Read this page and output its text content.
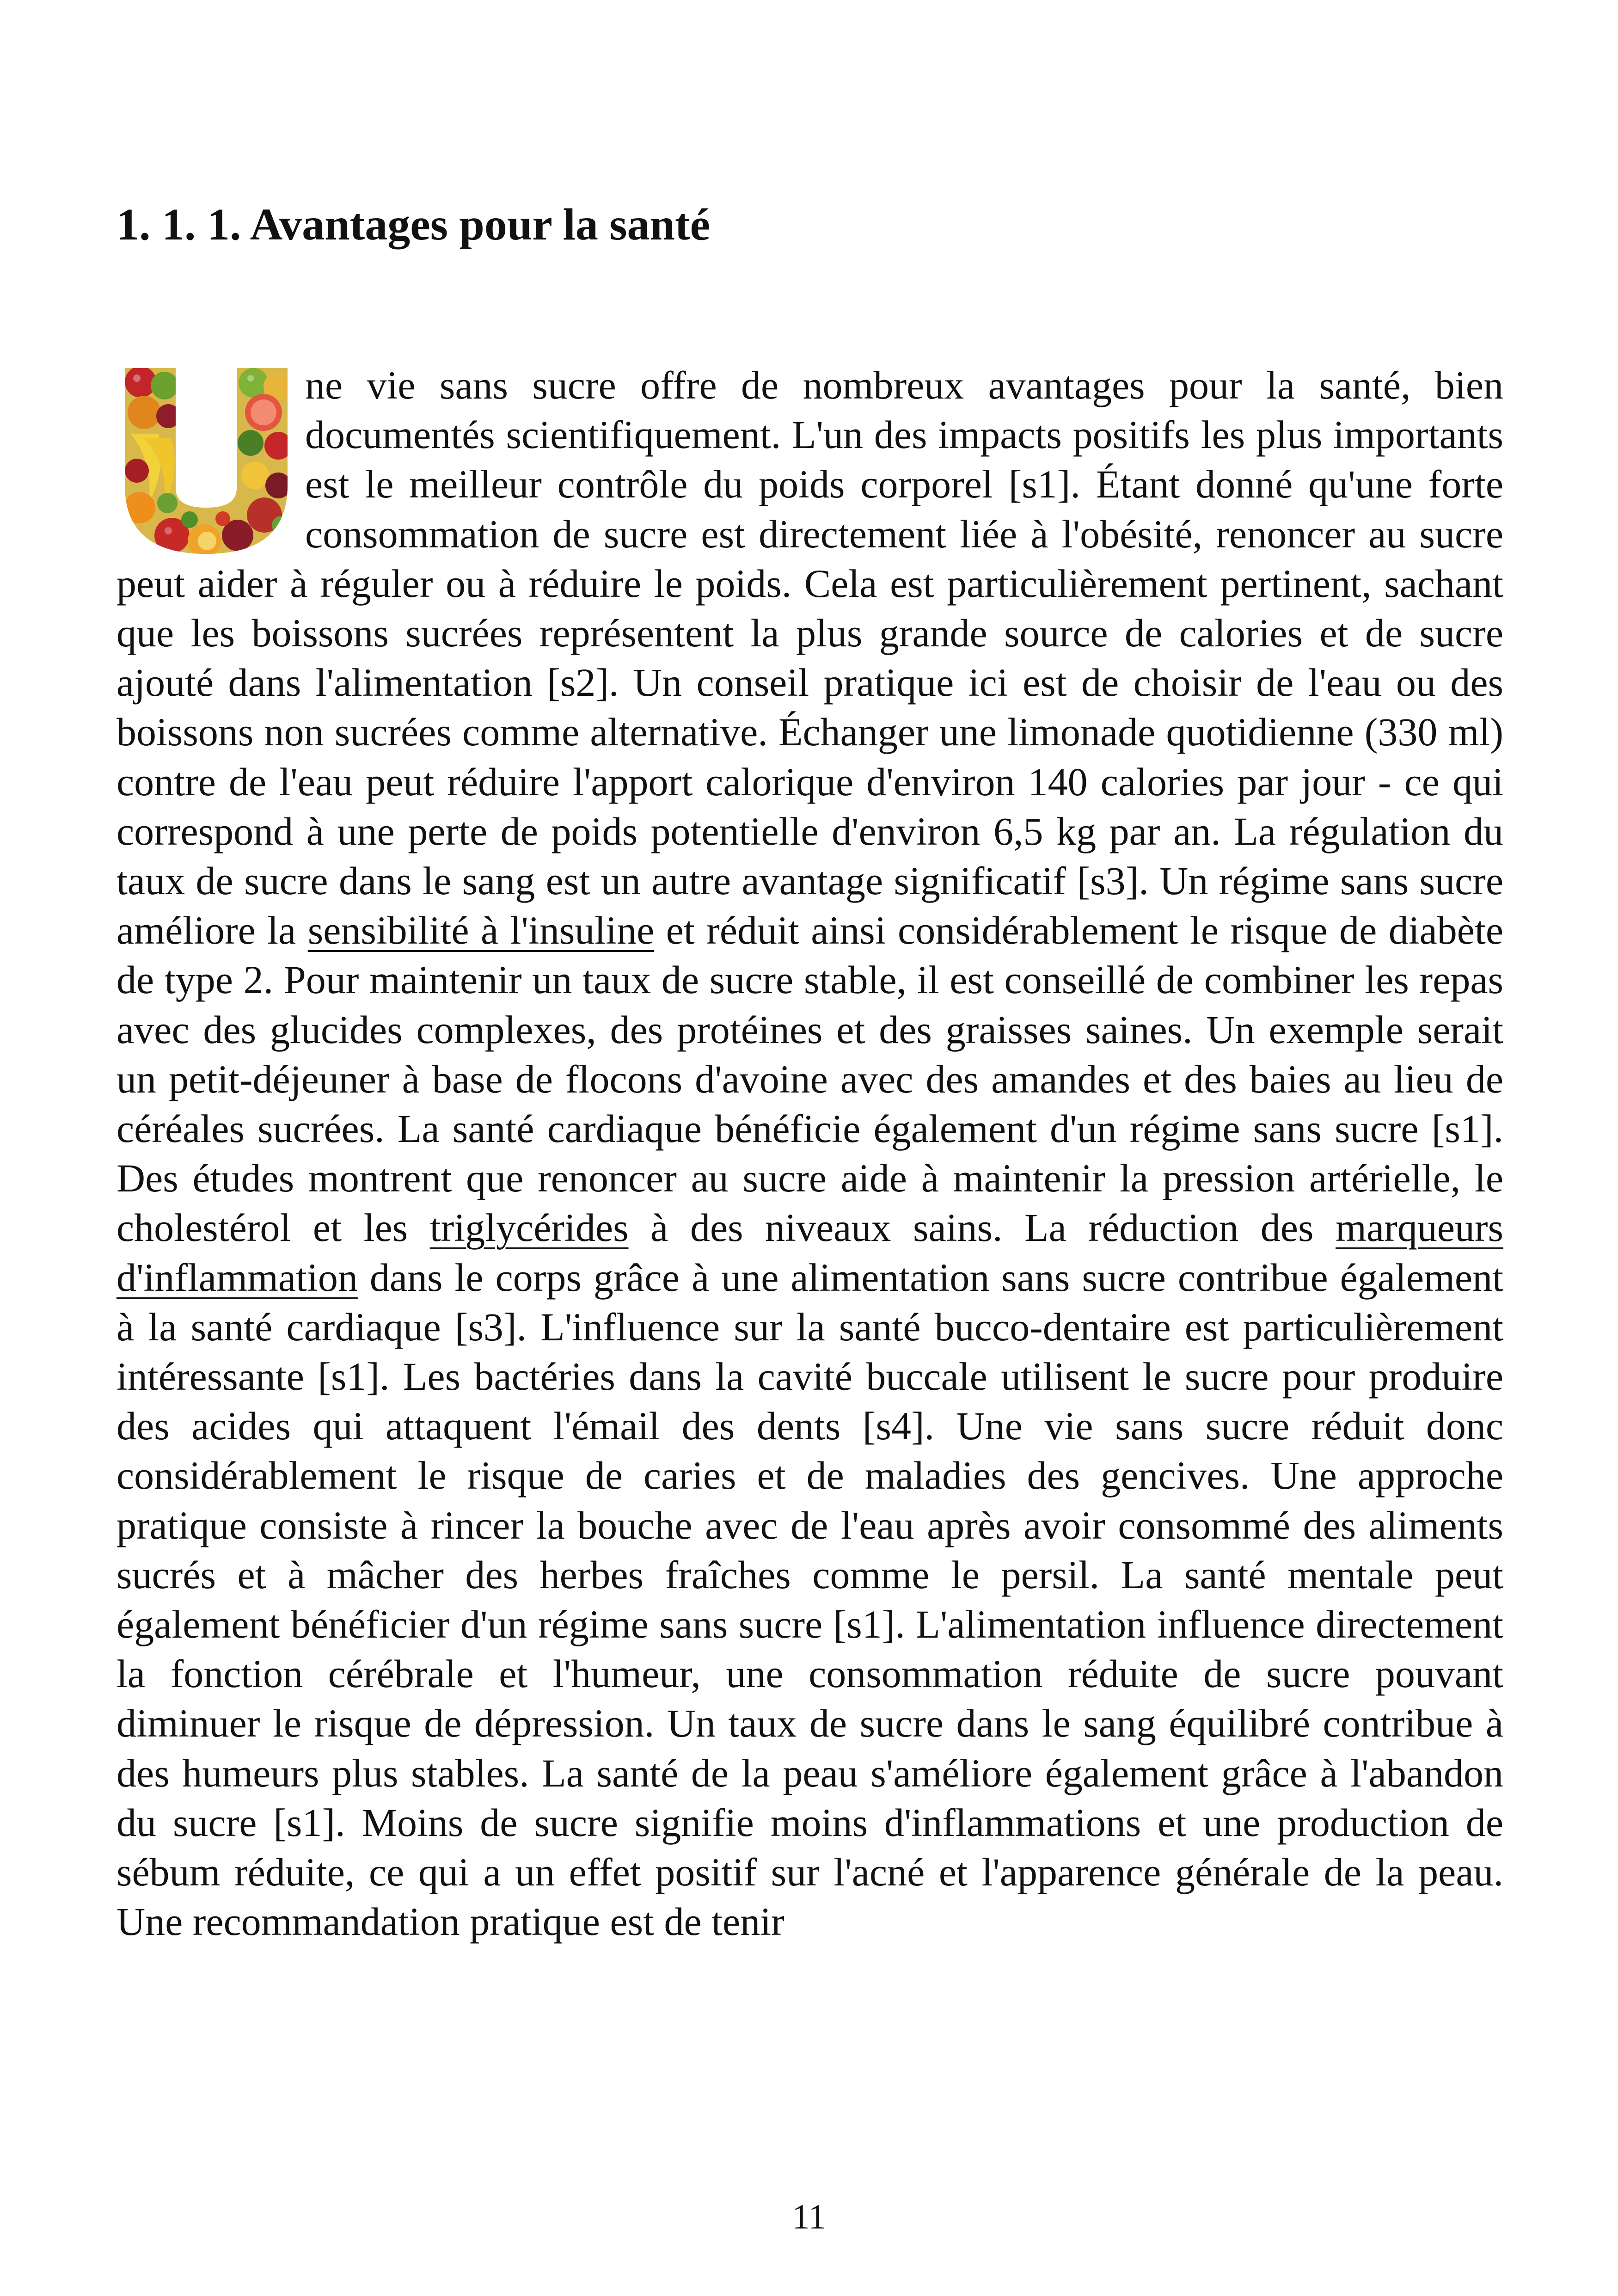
1. 1. 1. Avantages pour la santé

ne vie sans sucre offre de nombreux avantages pour la santé, bien documentés scientifiquement. L'un des impacts positifs les plus importants est le meilleur contrôle du poids corporel [s1]. Étant donné qu'une forte consommation de sucre est directement liée à l'obésité, renoncer au sucre peut aider à réguler ou à réduire le poids. Cela est particulièrement pertinent, sachant que les boissons sucrées représentent la plus grande source de calories et de sucre ajouté dans l'alimentation [s2]. Un conseil pratique ici est de choisir de l'eau ou des boissons non sucrées comme alternative. Échanger une limonade quotidienne (330 ml) contre de l'eau peut réduire l'apport calorique d'environ 140 calories par jour - ce qui correspond à une perte de poids potentielle d'environ 6,5 kg par an. La régulation du taux de sucre dans le sang est un autre avantage significatif [s3]. Un régime sans sucre améliore la sensibilité à l'insuline et réduit ainsi considérablement le risque de diabète de type 2. Pour maintenir un taux de sucre stable, il est conseillé de combiner les repas avec des glucides complexes, des protéines et des graisses saines. Un exemple serait un petit-déjeuner à base de flocons d'avoine avec des amandes et des baies au lieu de céréales sucrées. La santé cardiaque bénéficie également d'un régime sans sucre [s1]. Des études montrent que renoncer au sucre aide à maintenir la pression artérielle, le cholestérol et les triglycérides à des niveaux sains. La réduction des marqueurs d'inflammation dans le corps grâce à une alimentation sans sucre contribue également à la santé cardiaque [s3]. L'influence sur la santé bucco-dentaire est particulièrement intéressante [s1]. Les bactéries dans la cavité buccale utilisent le sucre pour produire des acides qui attaquent l'émail des dents [s4]. Une vie sans sucre réduit donc considérablement le risque de caries et de maladies des gencives. Une approche pratique consiste à rincer la bouche avec de l'eau après avoir consommé des aliments sucrés et à mâcher des herbes fraîches comme le persil. La santé mentale peut également bénéficier d'un régime sans sucre [s1]. L'alimentation influence directement la fonction cérébrale et l'humeur, une consommation réduite de sucre pouvant diminuer le risque de dépression. Un taux de sucre dans le sang équilibré contribue à des humeurs plus stables. La santé de la peau s'améliore également grâce à l'abandon du sucre [s1]. Moins de sucre signifie moins d'inflammations et une production de sébum réduite, ce qui a un effet positif sur l'acné et l'apparence générale de la peau. Une recommandation pratique est de tenir

11
